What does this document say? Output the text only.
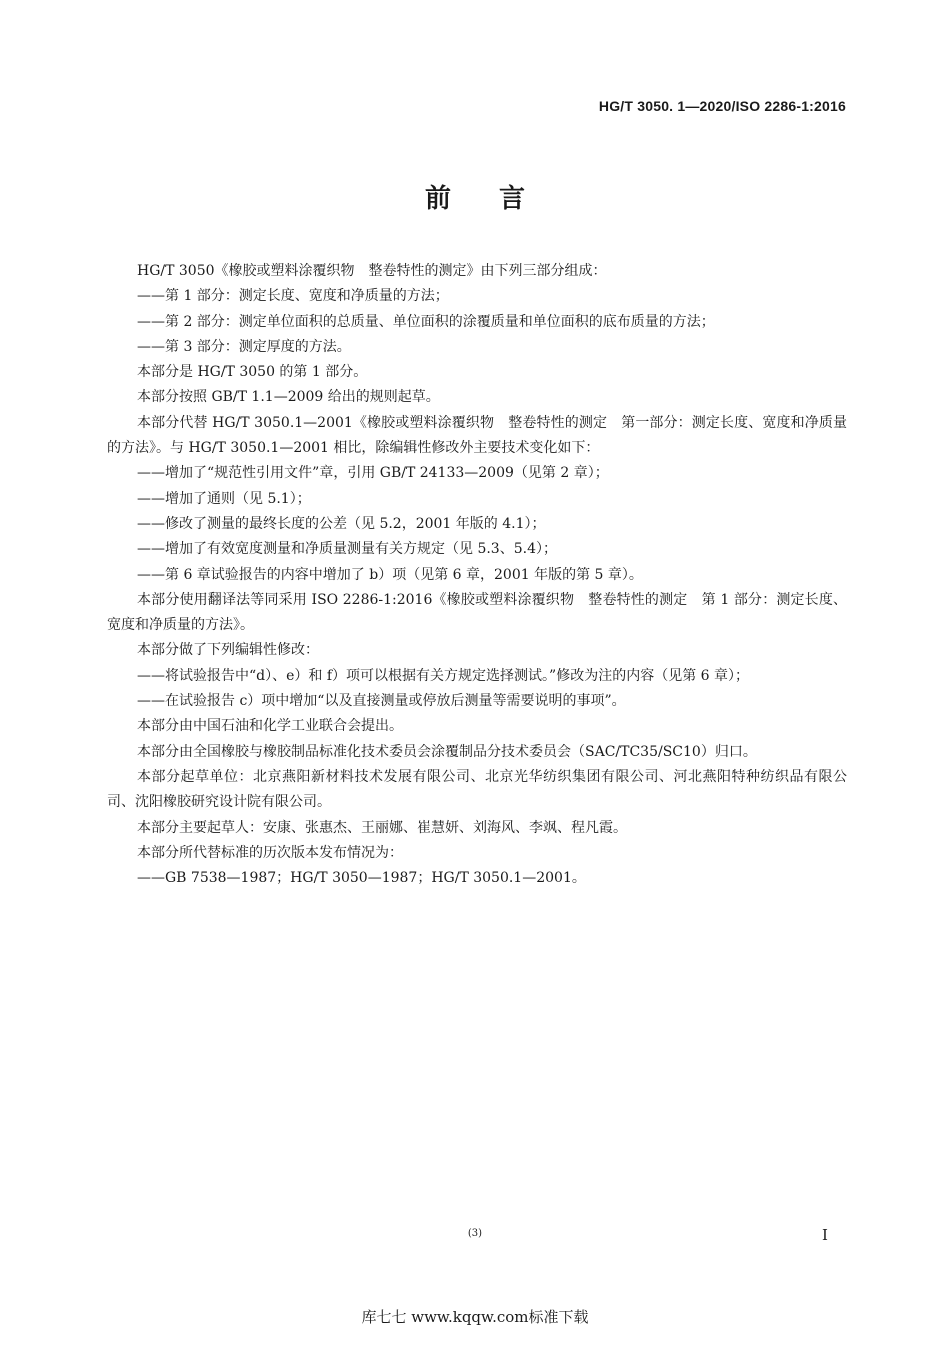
HG/T 3050. 1—2020/ISO 2286-1:2016
前言

HG/T 3050《橡胶或塑料涂覆织物　整卷特性的测定》由下列三部分组成：

——第 1 部分：测定长度、宽度和净质量的方法；

——第 2 部分：测定单位面积的总质量、单位面积的涂覆质量和单位面积的底布质量的方法；

——第 3 部分：测定厚度的方法。

本部分是 HG/T 3050 的第 1 部分。

本部分按照 GB/T 1.1—2009 给出的规则起草。

本部分代替 HG/T 3050.1—2001《橡胶或塑料涂覆织物　整卷特性的测定　第一部分：测定长度、宽度和净质量的方法》。与 HG/T 3050.1—2001 相比，除编辑性修改外主要技术变化如下：

——增加了“规范性引用文件”章，引用 GB/T 24133—2009（见第 2 章）；

——增加了通则（见 5.1）；

——修改了测量的最终长度的公差（见 5.2，2001 年版的 4.1）；

——增加了有效宽度测量和净质量测量有关方规定（见 5.3、5.4）；

——第 6 章试验报告的内容中增加了 b）项（见第 6 章，2001 年版的第 5 章）。

本部分使用翻译法等同采用 ISO 2286-1:2016《橡胶或塑料涂覆织物　整卷特性的测定　第 1 部分：测定长度、宽度和净质量的方法》。

本部分做了下列编辑性修改：

——将试验报告中“d）、e）和 f）项可以根据有关方规定选择测试。”修改为注的内容（见第 6 章）；

——在试验报告 c）项中增加“以及直接测量或停放后测量等需要说明的事项”。

本部分由中国石油和化学工业联合会提出。

本部分由全国橡胶与橡胶制品标准化技术委员会涂覆制品分技术委员会（SAC/TC35/SC10）归口。

本部分起草单位：北京燕阳新材料技术发展有限公司、北京光华纺织集团有限公司、河北燕阳特种纺织品有限公司、沈阳橡胶研究设计院有限公司。

本部分主要起草人：安康、张惠杰、王丽娜、崔慧妍、刘海风、李飒、程凡霞。

本部分所代替标准的历次版本发布情况为：

——GB 7538—1987；HG/T 3050—1987；HG/T 3050.1—2001。

(3)	I
库七七 www.kqqw.com标准下载
